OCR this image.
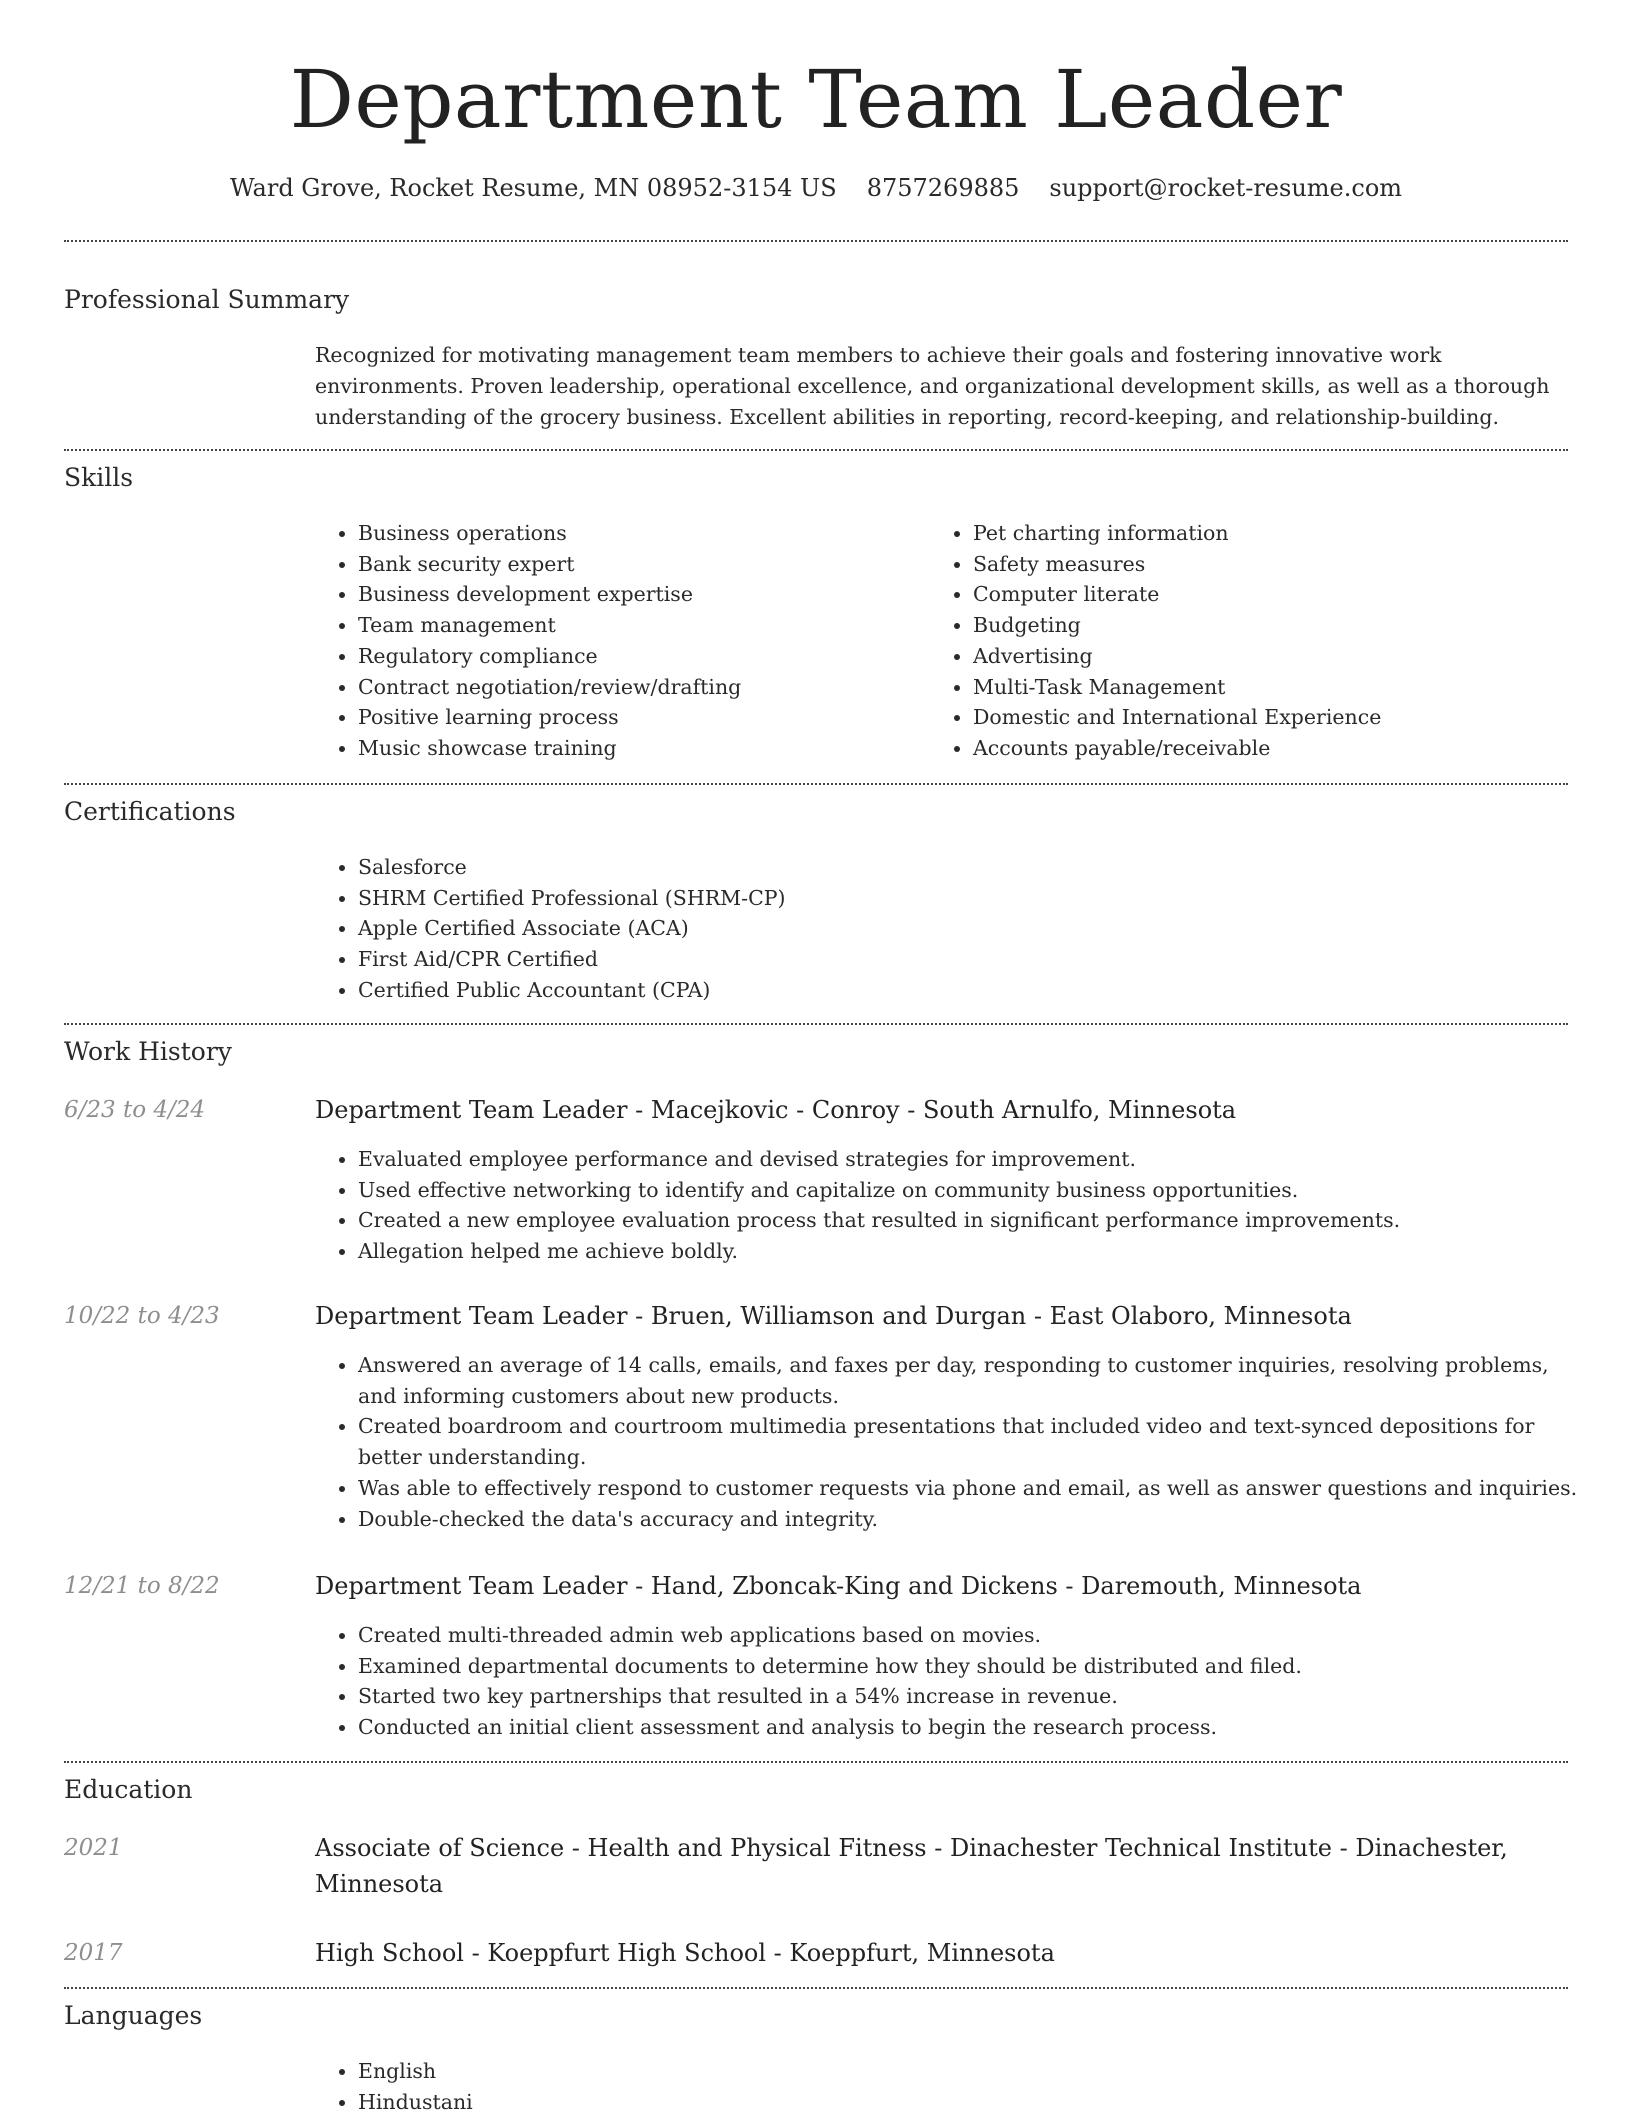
Department Team Leader
Ward Grove, Rocket Resume, MN 08952-3154 US 8757269885 support@rocket-resume.com
Professional Summary
Recognized for motivating management team members to achieve their goals and fostering innovative work environments. Proven leadership, operational excellence, and organizational development skills, as well as a thorough understanding of the grocery business. Excellent abilities in reporting, record-keeping, and relationship-building.
Skills
• Business operations
• Bank security expert
• Business development expertise
• Team management
• Regulatory compliance
• Contract negotiation/review/drafting
• Positive learning process
• Music showcase training
• Pet charting information
• Safety measures
• Computer literate
• Budgeting
• Advertising
• Multi-Task Management
• Domestic and International Experience
• Accounts payable/receivable
Certifications
• Salesforce
• SHRM Certified Professional (SHRM-CP)
• Apple Certified Associate (ACA)
• First Aid/CPR Certified
• Certified Public Accountant (CPA)
Work History
6/23 to 4/24	Department Team Leader - Macejkovic - Conroy - South Arnulfo, Minnesota
• Evaluated employee performance and devised strategies for improvement.
• Used effective networking to identify and capitalize on community business opportunities.
• Created a new employee evaluation process that resulted in significant performance improvements.
• Allegation helped me achieve boldly.
10/22 to 4/23	Department Team Leader - Bruen, Williamson and Durgan - East Olaboro, Minnesota
• Answered an average of 14 calls, emails, and faxes per day, responding to customer inquiries, resolving problems, and informing customers about new products.
• Created boardroom and courtroom multimedia presentations that included video and text-synced depositions for better understanding.
• Was able to effectively respond to customer requests via phone and email, as well as answer questions and inquiries.
• Double-checked the data's accuracy and integrity.
12/21 to 8/22	Department Team Leader - Hand, Zboncak-King and Dickens - Daremouth, Minnesota
• Created multi-threaded admin web applications based on movies.
• Examined departmental documents to determine how they should be distributed and filed.
• Started two key partnerships that resulted in a 54% increase in revenue.
• Conducted an initial client assessment and analysis to begin the research process.
Education
2021	Associate of Science - Health and Physical Fitness - Dinachester Technical Institute - Dinachester, Minnesota
2017	High School - Koeppfurt High School - Koeppfurt, Minnesota
Languages
• English
• Hindustani
